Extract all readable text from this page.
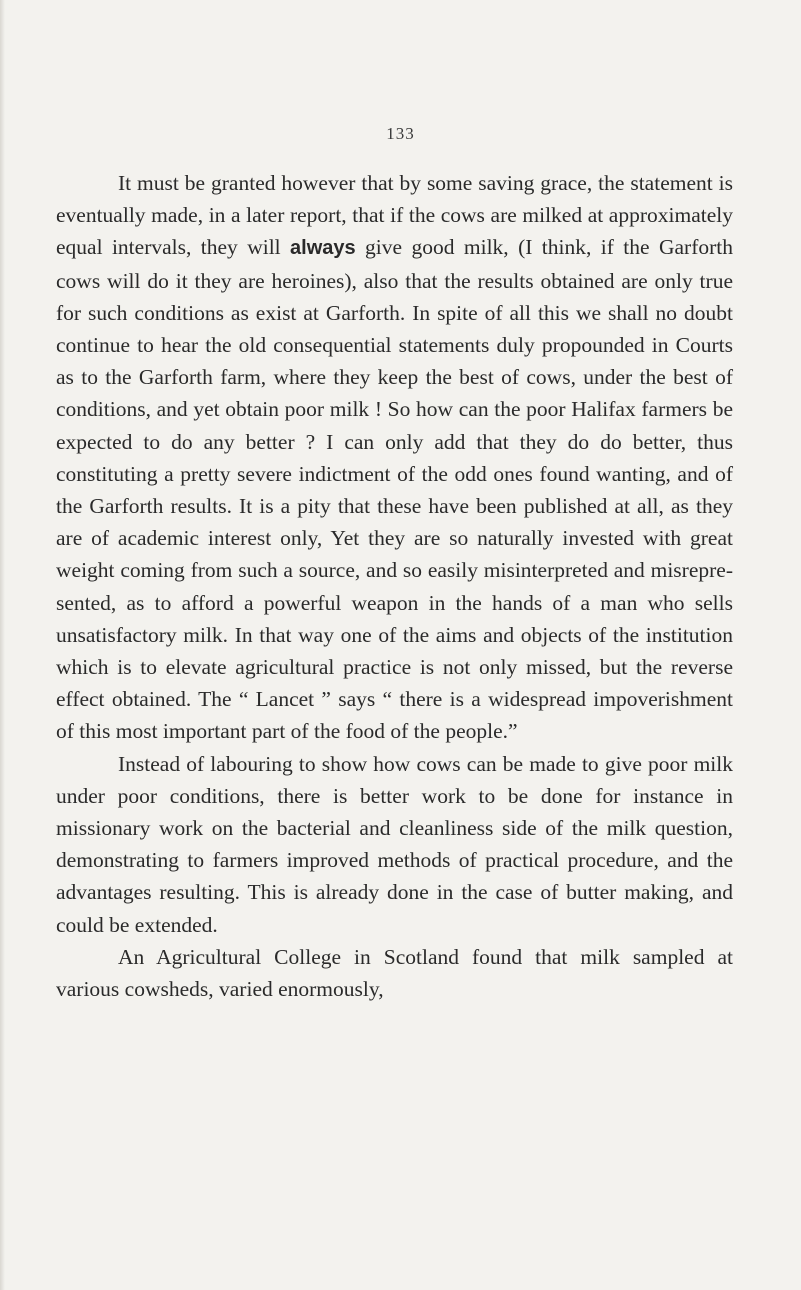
133

It must be granted however that by some saving grace, the statement is eventually made, in a later report, that if the cows are milked at approximately equal intervals, they will always give good milk, (I think, if the Garforth cows will do it they are heroines), also that the results obtained are only true for such conditions as exist at Garforth. In spite of all this we shall no doubt continue to hear the old consequential statements duly propounded in Courts as to the Garforth farm, where they keep the best of cows, under the best of conditions, and yet obtain poor milk ! So how can the poor Halifax farmers be expected to do any better ? I can only add that they do do better, thus constituting a pretty severe indictment of the odd ones found wanting, and of the Garforth results. It is a pity that these have been published at all, as they are of academic interest only, Yet they are so naturally invested with great weight coming from such a source, and so easily misinterpreted and misrepresented, as to afford a powerful weapon in the hands of a man who sells unsatisfactory milk. In that way one of the aims and objects of the institution which is to elevate agricultural practice is not only missed, but the reverse effect obtained. The “ Lancet ” says “ there is a widespread impoverishment of this most important part of the food of the people.”

Instead of labouring to show how cows can be made to give poor milk under poor conditions, there is better work to be done for instance in missionary work on the bacterial and cleanliness side of the milk question, demonstrating to farmers improved methods of practical procedure, and the advantages resulting. This is already done in the case of butter making, and could be extended.

An Agricultural College in Scotland found that milk sampled at various cowsheds, varied enormously,
